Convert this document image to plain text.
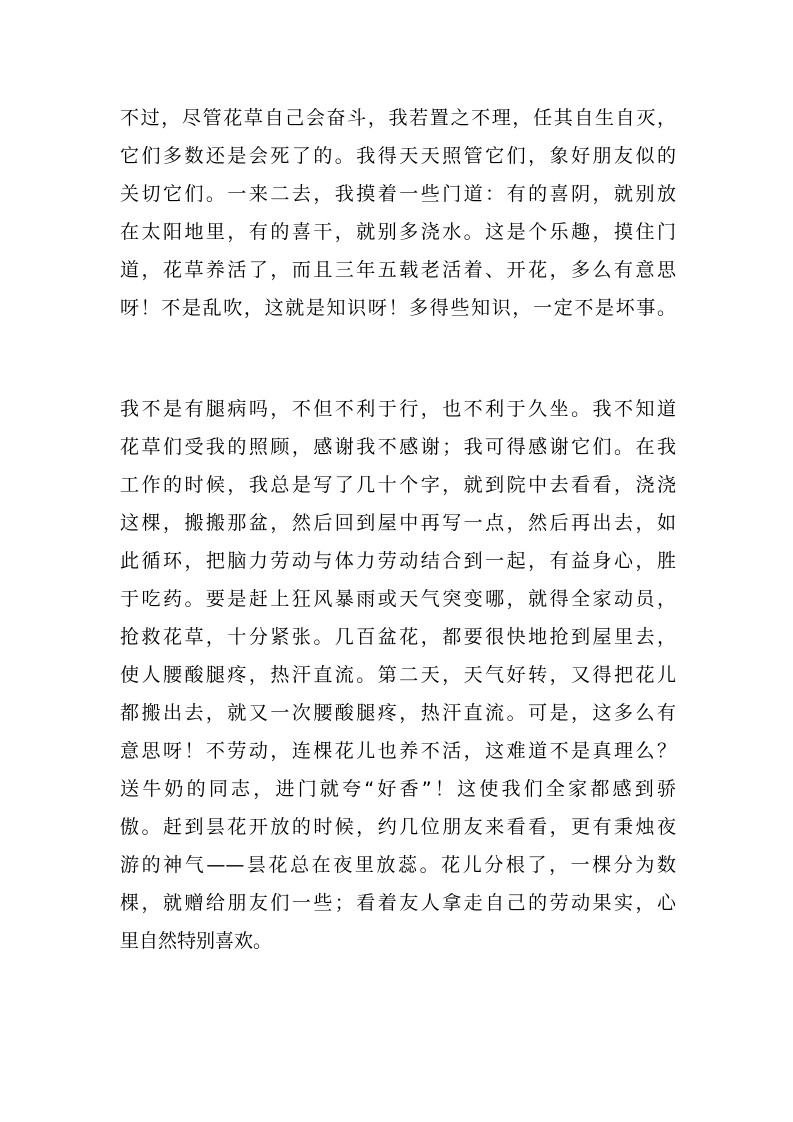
不过，尽管花草自己会奋斗，我若置之不理，任其自生自灭，
它们多数还是会死了的。我得天天照管它们，象好朋友似的
关切它们。一来二去，我摸着一些门道：有的喜阴，就别放
在太阳地里，有的喜干，就别多浇水。这是个乐趣，摸住门
道，花草养活了，而且三年五载老活着、开花，多么有意思
呀！不是乱吹，这就是知识呀！多得些知识，一定不是坏事。
我不是有腿病吗，不但不利于行，也不利于久坐。我不知道
花草们受我的照顾，感谢我不感谢；我可得感谢它们。在我
工作的时候，我总是写了几十个字，就到院中去看看，浇浇
这棵，搬搬那盆，然后回到屋中再写一点，然后再出去，如
此循环，把脑力劳动与体力劳动结合到一起，有益身心，胜
于吃药。要是赶上狂风暴雨或天气突变哪，就得全家动员，
抢救花草，十分紧张。几百盆花，都要很快地抢到屋里去，
使人腰酸腿疼，热汗直流。第二天，天气好转，又得把花儿
都搬出去，就又一次腰酸腿疼，热汗直流。可是，这多么有
意思呀！不劳动，连棵花儿也养不活，这难道不是真理么？
送牛奶的同志，进门就夸“好香”！这使我们全家都感到骄
傲。赶到昙花开放的时候，约几位朋友来看看，更有秉烛夜
游的神气——昙花总在夜里放蕊。花儿分根了，一棵分为数
棵，就赠给朋友们一些；看着友人拿走自己的劳动果实，心
里自然特别喜欢。
